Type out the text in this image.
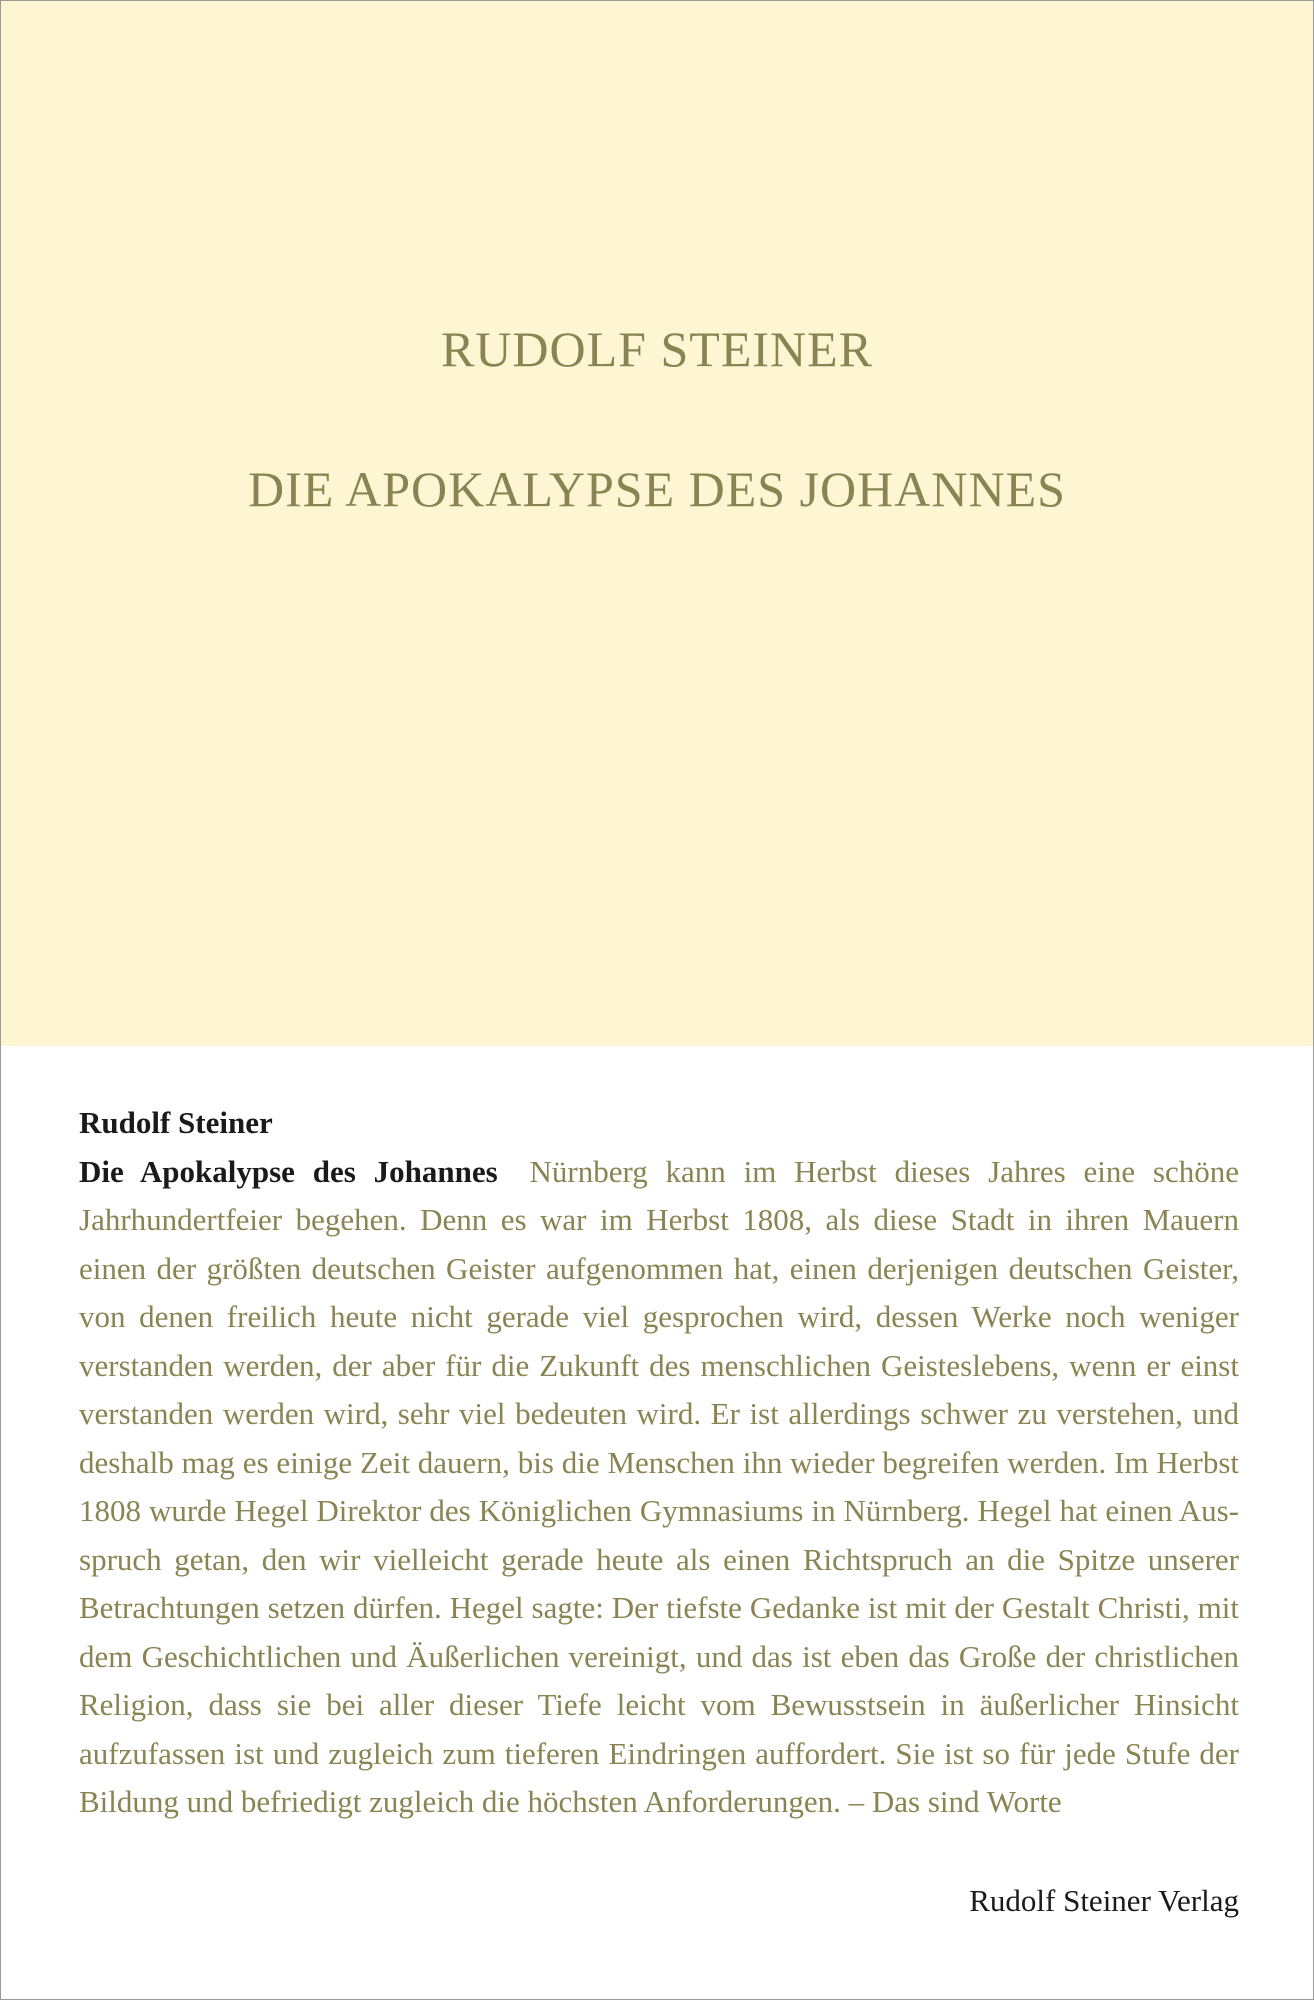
RUDOLF STEINER
DIE APOKALYPSE DES JOHANNES
Rudolf Steiner
Die Apokalypse des Johannes Nürnberg kann im Herbst dieses Jahres eine schöne Jahrhundertfeier begehen. Denn es war im Herbst 1808, als diese Stadt in ihren Mauern einen der größten deutschen Geister aufgenommen hat, einen derjenigen deutschen Geister, von denen freilich heute nicht gerade viel gesprochen wird, dessen Werke noch weniger verstanden werden, der aber für die Zukunft des menschlichen Geisteslebens, wenn er einst verstanden werden wird, sehr viel bedeuten wird. Er ist allerdings schwer zu verstehen, und deshalb mag es einige Zeit dauern, bis die Menschen ihn wieder begreifen werden. Im Herbst 1808 wurde Hegel Direktor des Königlichen Gymnasiums in Nürnberg. Hegel hat einen Ausspruch getan, den wir vielleicht gerade heute als einen Richtspruch an die Spitze unserer Betrachtungen setzen dürfen. Hegel sagte: Der tiefste Gedanke ist mit der Gestalt Christi, mit dem Geschichtlichen und Äußerlichen vereinigt, und das ist eben das Große der christlichen Religion, dass sie bei aller dieser Tiefe leicht vom Bewusstsein in äußerlicher Hinsicht aufzufassen ist und zugleich zum tieferen Eindringen auffordert. Sie ist so für jede Stufe der Bildung und befriedigt zugleich die höchsten Anforderungen. – Das sind Worte
Rudolf Steiner Verlag
